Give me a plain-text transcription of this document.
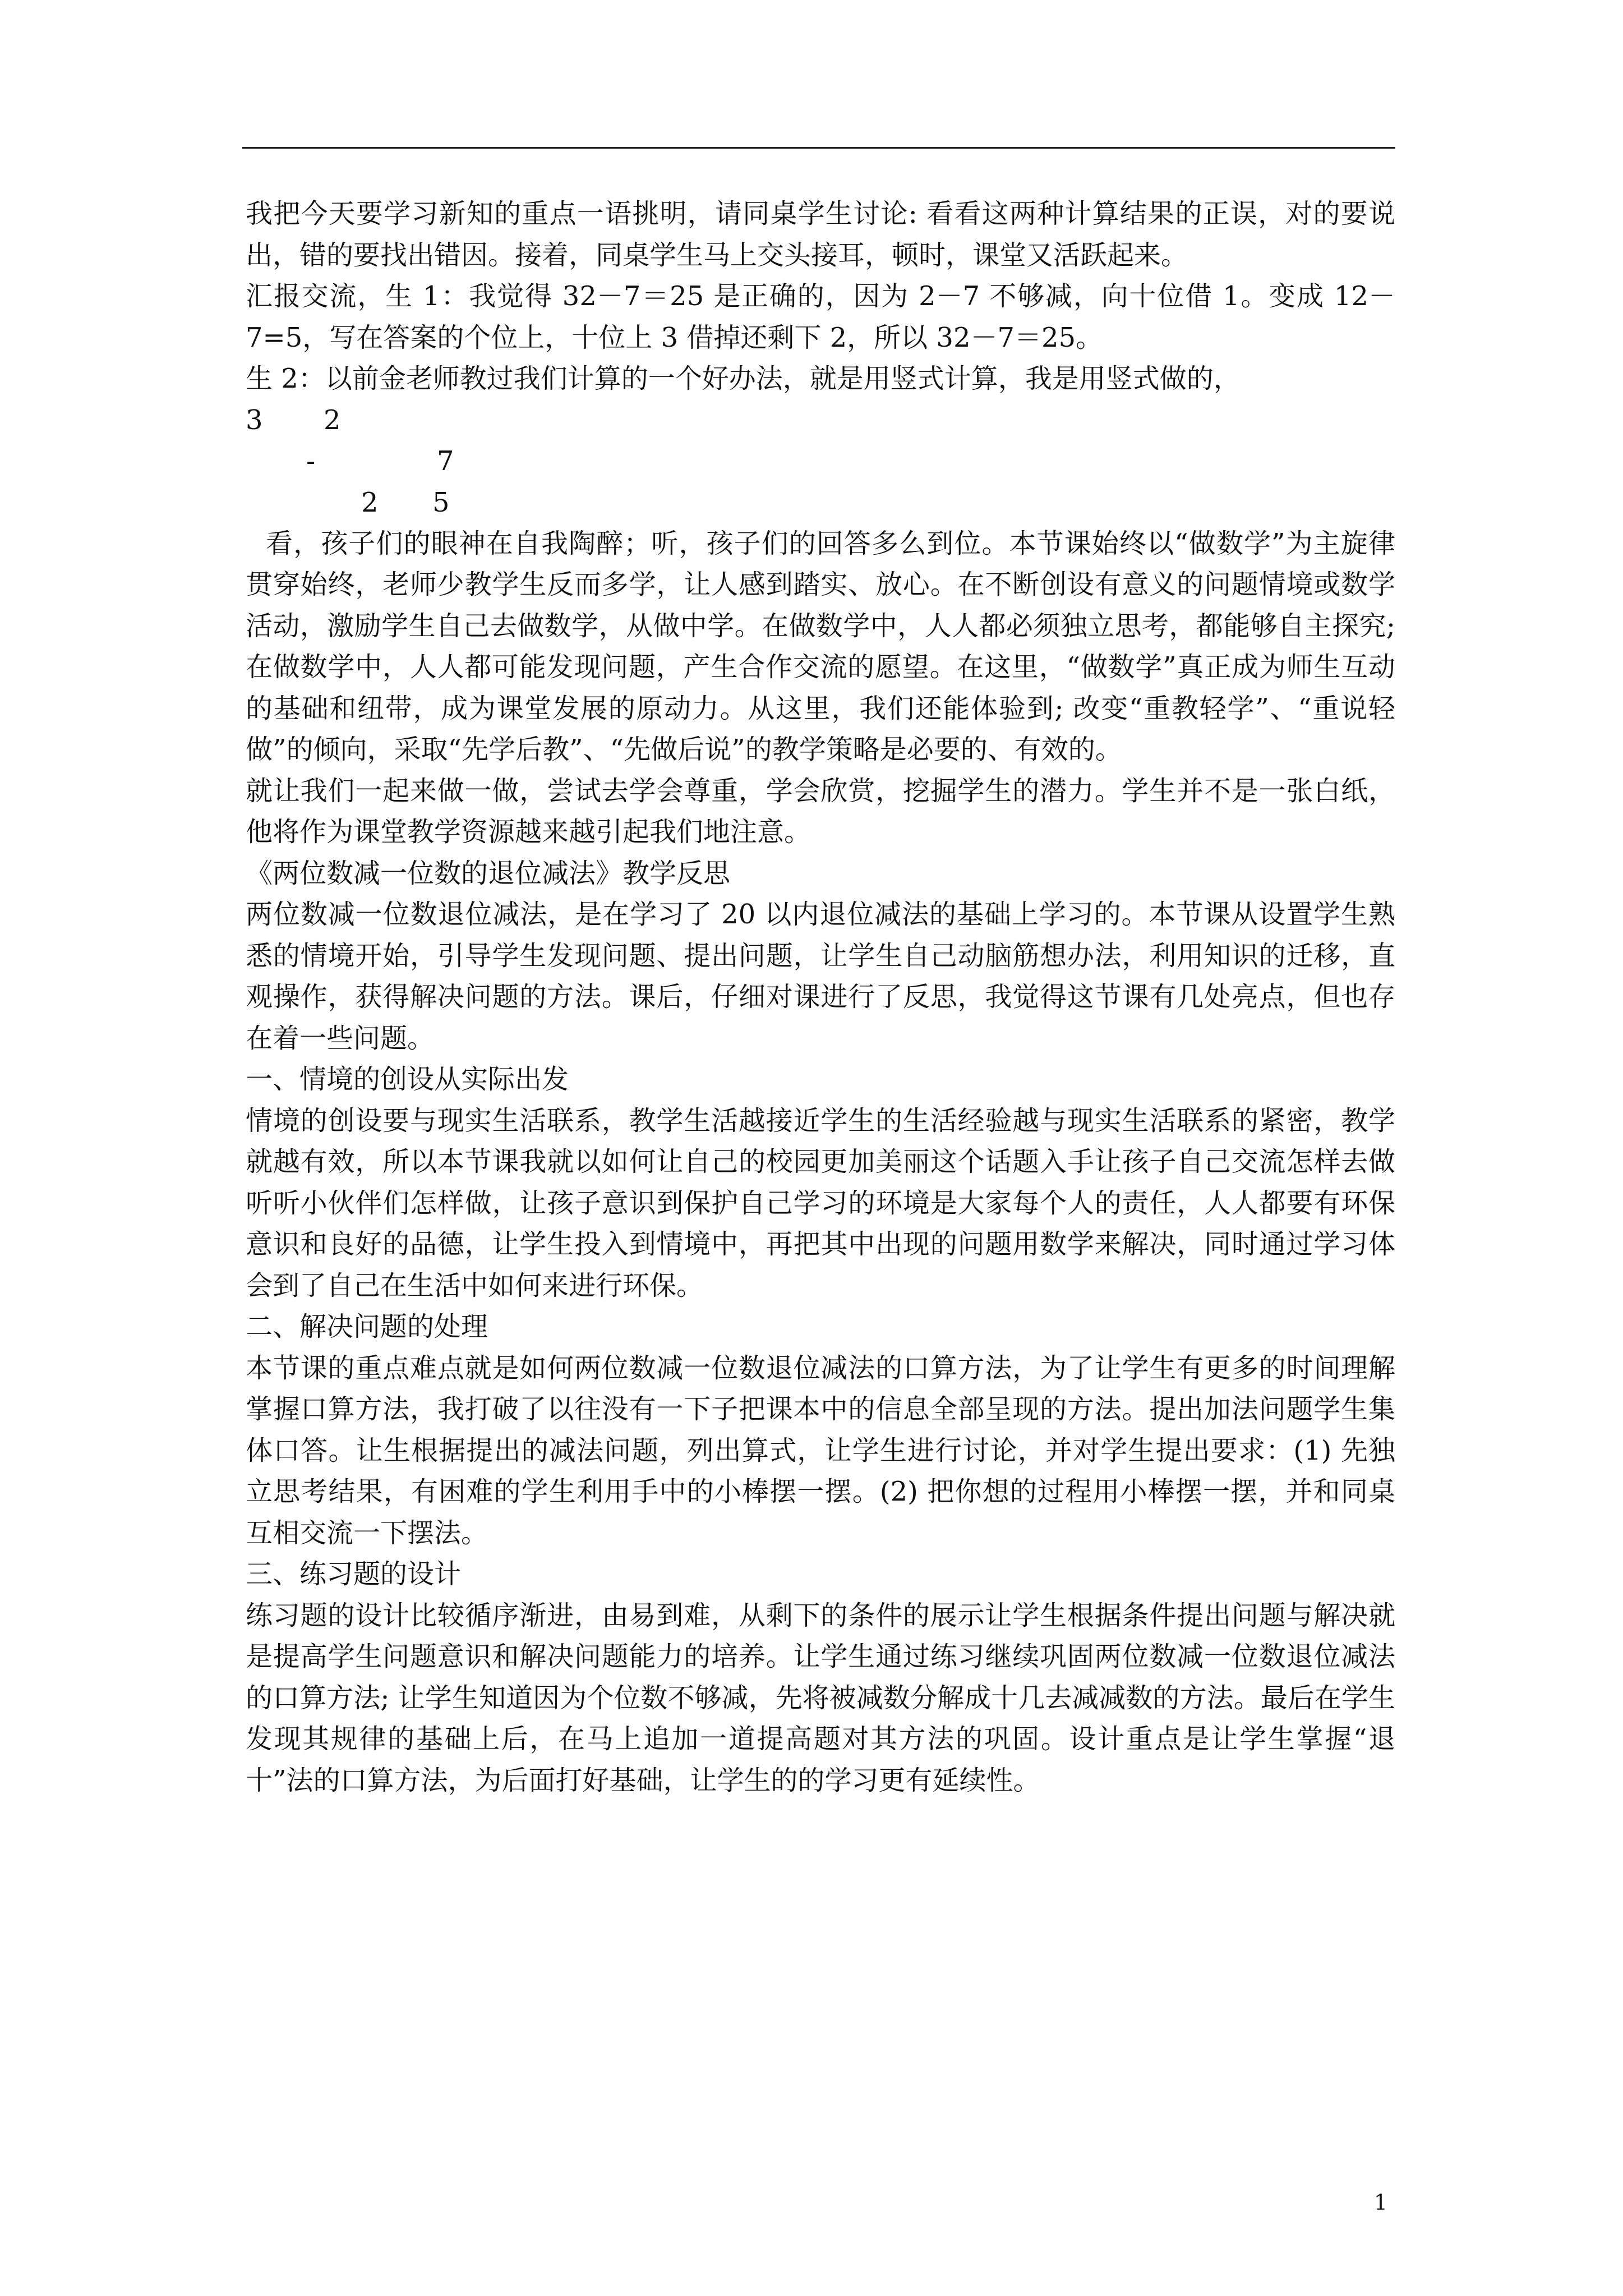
我把今天要学习新知的重点一语挑明，请同桌学生讨论: 看看这两种计算结果的正误，对的要说出，错的要找出错因。接着，同桌学生马上交头接耳，顿时，课堂又活跃起来。

汇报交流，生 1：我觉得 32－7＝25 是正确的，因为 2－7 不够减，向十位借 1。变成 12－7=5，写在答案的个位上，十位上 3 借掉还剩下 2，所以 32－7＝25。

生 2：以前金老师教过我们计算的一个好办法，就是用竖式计算，我是用竖式做的，

3 2
-	7
2 5

看，孩子们的眼神在自我陶醉；听，孩子们的回答多么到位。本节课始终以“做数学”为主旋律贯穿始终，老师少教学生反而多学，让人感到踏实、放心。在不断创设有意义的问题情境或数学活动，激励学生自己去做数学，从做中学。在做数学中，人人都必须独立思考，都能够自主探究; 在做数学中，人人都可能发现问题，产生合作交流的愿望。在这里，“做数学”真正成为师生互动的基础和纽带，成为课堂发展的原动力。从这里，我们还能体验到; 改变“重教轻学”、“重说轻做”的倾向，采取“先学后教”、“先做后说”的教学策略是必要的、有效的。

就让我们一起来做一做，尝试去学会尊重，学会欣赏，挖掘学生的潜力。学生并不是一张白纸，他将作为课堂教学资源越来越引起我们地注意。

《两位数减一位数的退位减法》教学反思

两位数减一位数退位减法，是在学习了 20 以内退位减法的基础上学习的。本节课从设置学生熟悉的情境开始，引导学生发现问题、提出问题，让学生自己动脑筋想办法，利用知识的迁移，直观操作，获得解决问题的方法。课后，仔细对课进行了反思，我觉得这节课有几处亮点，但也存在着一些问题。

一、情境的创设从实际出发

情境的创设要与现实生活联系，教学生活越接近学生的生活经验越与现实生活联系的紧密，教学就越有效，所以本节课我就以如何让自己的校园更加美丽这个话题入手让孩子自己交流怎样去做听听小伙伴们怎样做，让孩子意识到保护自己学习的环境是大家每个人的责任，人人都要有环保意识和良好的品德，让学生投入到情境中，再把其中出现的问题用数学来解决，同时通过学习体会到了自己在生活中如何来进行环保。

二、解决问题的处理

本节课的重点难点就是如何两位数减一位数退位减法的口算方法，为了让学生有更多的时间理解掌握口算方法，我打破了以往没有一下子把课本中的信息全部呈现的方法。提出加法问题学生集体口答。让生根据提出的减法问题，列出算式，让学生进行讨论，并对学生提出要求：(1) 先独立思考结果，有困难的学生利用手中的小棒摆一摆。(2) 把你想的过程用小棒摆一摆，并和同桌互相交流一下摆法。

三、练习题的设计

练习题的设计比较循序渐进，由易到难，从剩下的条件的展示让学生根据条件提出问题与解决就是提高学生问题意识和解决问题能力的培养。让学生通过练习继续巩固两位数减一位数退位减法的口算方法; 让学生知道因为个位数不够减，先将被减数分解成十几去减减数的方法。最后在学生发现其规律的基础上后，在马上追加一道提高题对其方法的巩固。设计重点是让学生掌握“退十”法的口算方法，为后面打好基础，让学生的的学习更有延续性。

1
